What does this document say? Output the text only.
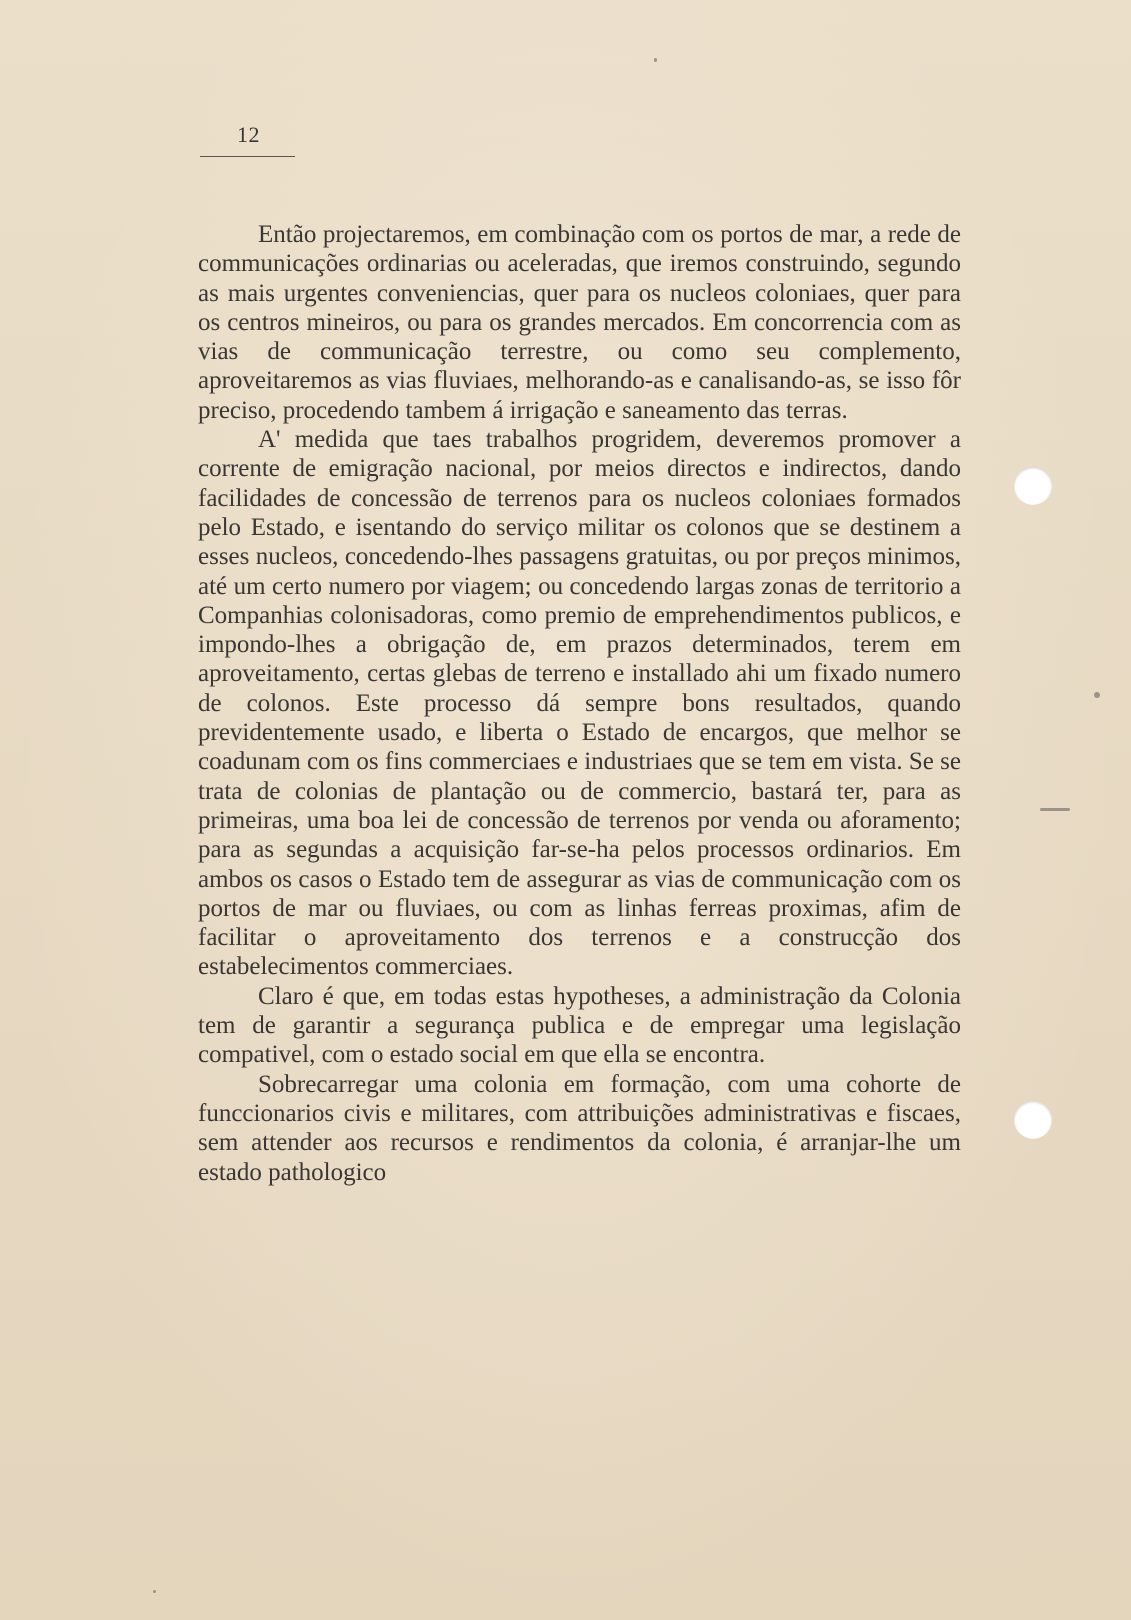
12

Então projectaremos, em combinação com os portos de mar, a rede de communicações ordinarias ou aceleradas, que iremos construindo, segundo as mais urgentes conveniencias, quer para os nucleos coloniaes, quer para os centros mineiros, ou para os grandes mercados. Em concorrencia com as vias de communicação terrestre, ou como seu complemento, aproveitaremos as vias fluviaes, melhorando-as e canalisando-as, se isso fôr preciso, procedendo tambem á irrigação e saneamento das terras.

A' medida que taes trabalhos progridem, deveremos promover a corrente de emigração nacional, por meios directos e indirectos, dando facilidades de concessão de terrenos para os nucleos coloniaes formados pelo Estado, e isentando do serviço militar os colonos que se destinem a esses nucleos, concedendo-lhes passagens gratuitas, ou por preços minimos, até um certo numero por viagem; ou concedendo largas zonas de territorio a Companhias colonisadoras, como premio de emprehendimentos publicos, e impondo-lhes a obrigação de, em prazos determinados, terem em aproveitamento, certas glebas de terreno e installado ahi um fixado numero de colonos. Este processo dá sempre bons resultados, quando previdentemente usado, e liberta o Estado de encargos, que melhor se coadunam com os fins commerciaes e industriaes que se tem em vista. Se se trata de colonias de plantação ou de commercio, bastará ter, para as primeiras, uma boa lei de concessão de terrenos por venda ou aforamento; para as segundas a acquisição far-se-ha pelos processos ordinarios. Em ambos os casos o Estado tem de assegurar as vias de communicação com os portos de mar ou fluviaes, ou com as linhas ferreas proximas, afim de facilitar o aproveitamento dos terrenos e a construcção dos estabelecimentos commerciaes.

Claro é que, em todas estas hypotheses, a administração da Colonia tem de garantir a segurança publica e de empregar uma legislação compativel, com o estado social em que ella se encontra.

Sobrecarregar uma colonia em formação, com uma cohorte de funccionarios civis e militares, com attribuições administrativas e fiscaes, sem attender aos recursos e rendimentos da colonia, é arranjar-lhe um estado pathologico
